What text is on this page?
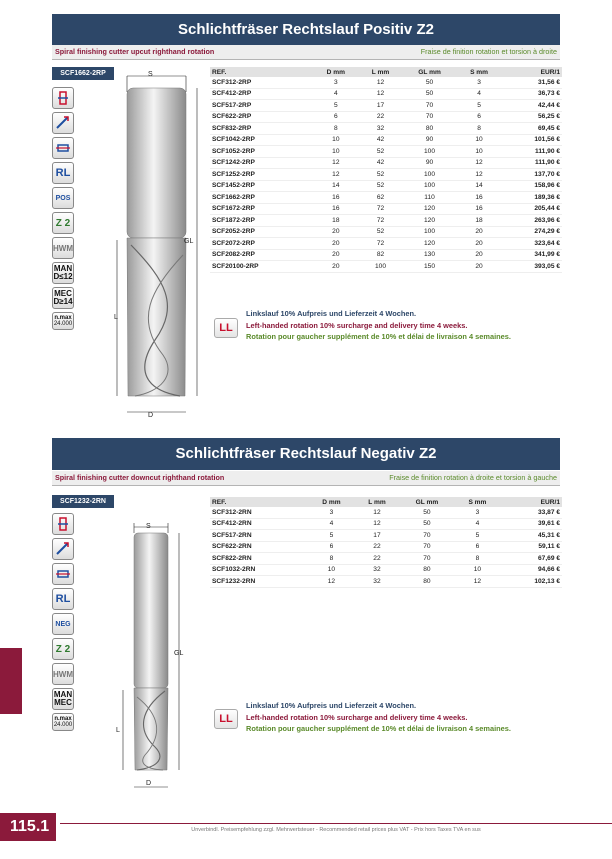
Schlichtfräser Rechtslauf Positiv Z2
Spiral finishing cutter upcut righthand rotation	Fraise de finition rotation et torsion à droite
SCF1662-2RP
RL
POS
Z 2
HWM
MAN
D≤12
MEC
D≥14
n.max
24.000
S
GL
L
D
REF.	D mm	L mm	GL mm	S mm	EUR/1
SCF312-2RP	3	12	50	3	31,56 €
SCF412-2RP	4	12	50	4	36,73 €
SCF517-2RP	5	17	70	5	42,44 €
SCF622-2RP	6	22	70	6	56,25 €
SCF832-2RP	8	32	80	8	69,45 €
SCF1042-2RP	10	42	90	10	101,56 €
SCF1052-2RP	10	52	100	10	111,90 €
SCF1242-2RP	12	42	90	12	111,90 €
SCF1252-2RP	12	52	100	12	137,70 €
SCF1452-2RP	14	52	100	14	158,96 €
SCF1662-2RP	16	62	110	16	189,36 €
SCF1672-2RP	16	72	120	16	205,44 €
SCF1872-2RP	18	72	120	18	263,96 €
SCF2052-2RP	20	52	100	20	274,29 €
SCF2072-2RP	20	72	120	20	323,64 €
SCF2082-2RP	20	82	130	20	341,99 €
SCF20100-2RP	20	100	150	20	393,05 €
LL
Linkslauf 10% Aufpreis und Lieferzeit 4 Wochen.
Left-handed rotation 10% surcharge and delivery time 4 weeks.
Rotation pour gaucher supplément de 10% et délai de livraison 4 semaines.
Schlichtfräser Rechtslauf Negativ Z2
Spiral finishing cutter downcut righthand rotation	Fraise de finition rotation à droite et torsion à gauche
SCF1232-2RN
RL
NEG
Z 2
HWM
MAN
MEC
n.max
24.000
S
GL
L
D
REF.	D mm	L mm	GL mm	S mm	EUR/1
SCF312-2RN	3	12	50	3	33,87 €
SCF412-2RN	4	12	50	4	39,61 €
SCF517-2RN	5	17	70	5	45,31 €
SCF622-2RN	6	22	70	6	59,11 €
SCF822-2RN	8	22	70	8	67,69 €
SCF1032-2RN	10	32	80	10	94,66 €
SCF1232-2RN	12	32	80	12	102,13 €
LL
Linkslauf 10% Aufpreis und Lieferzeit 4 Wochen.
Left-handed rotation 10% surcharge and delivery time 4 weeks.
Rotation pour gaucher supplément de 10% et délai de livraison 4 semaines.
115.1	Unverbindl. Preisempfehlung zzgl. Mehrwertsteuer - Recommended retail prices plus VAT - Prix hors Taxes TVA en sus
